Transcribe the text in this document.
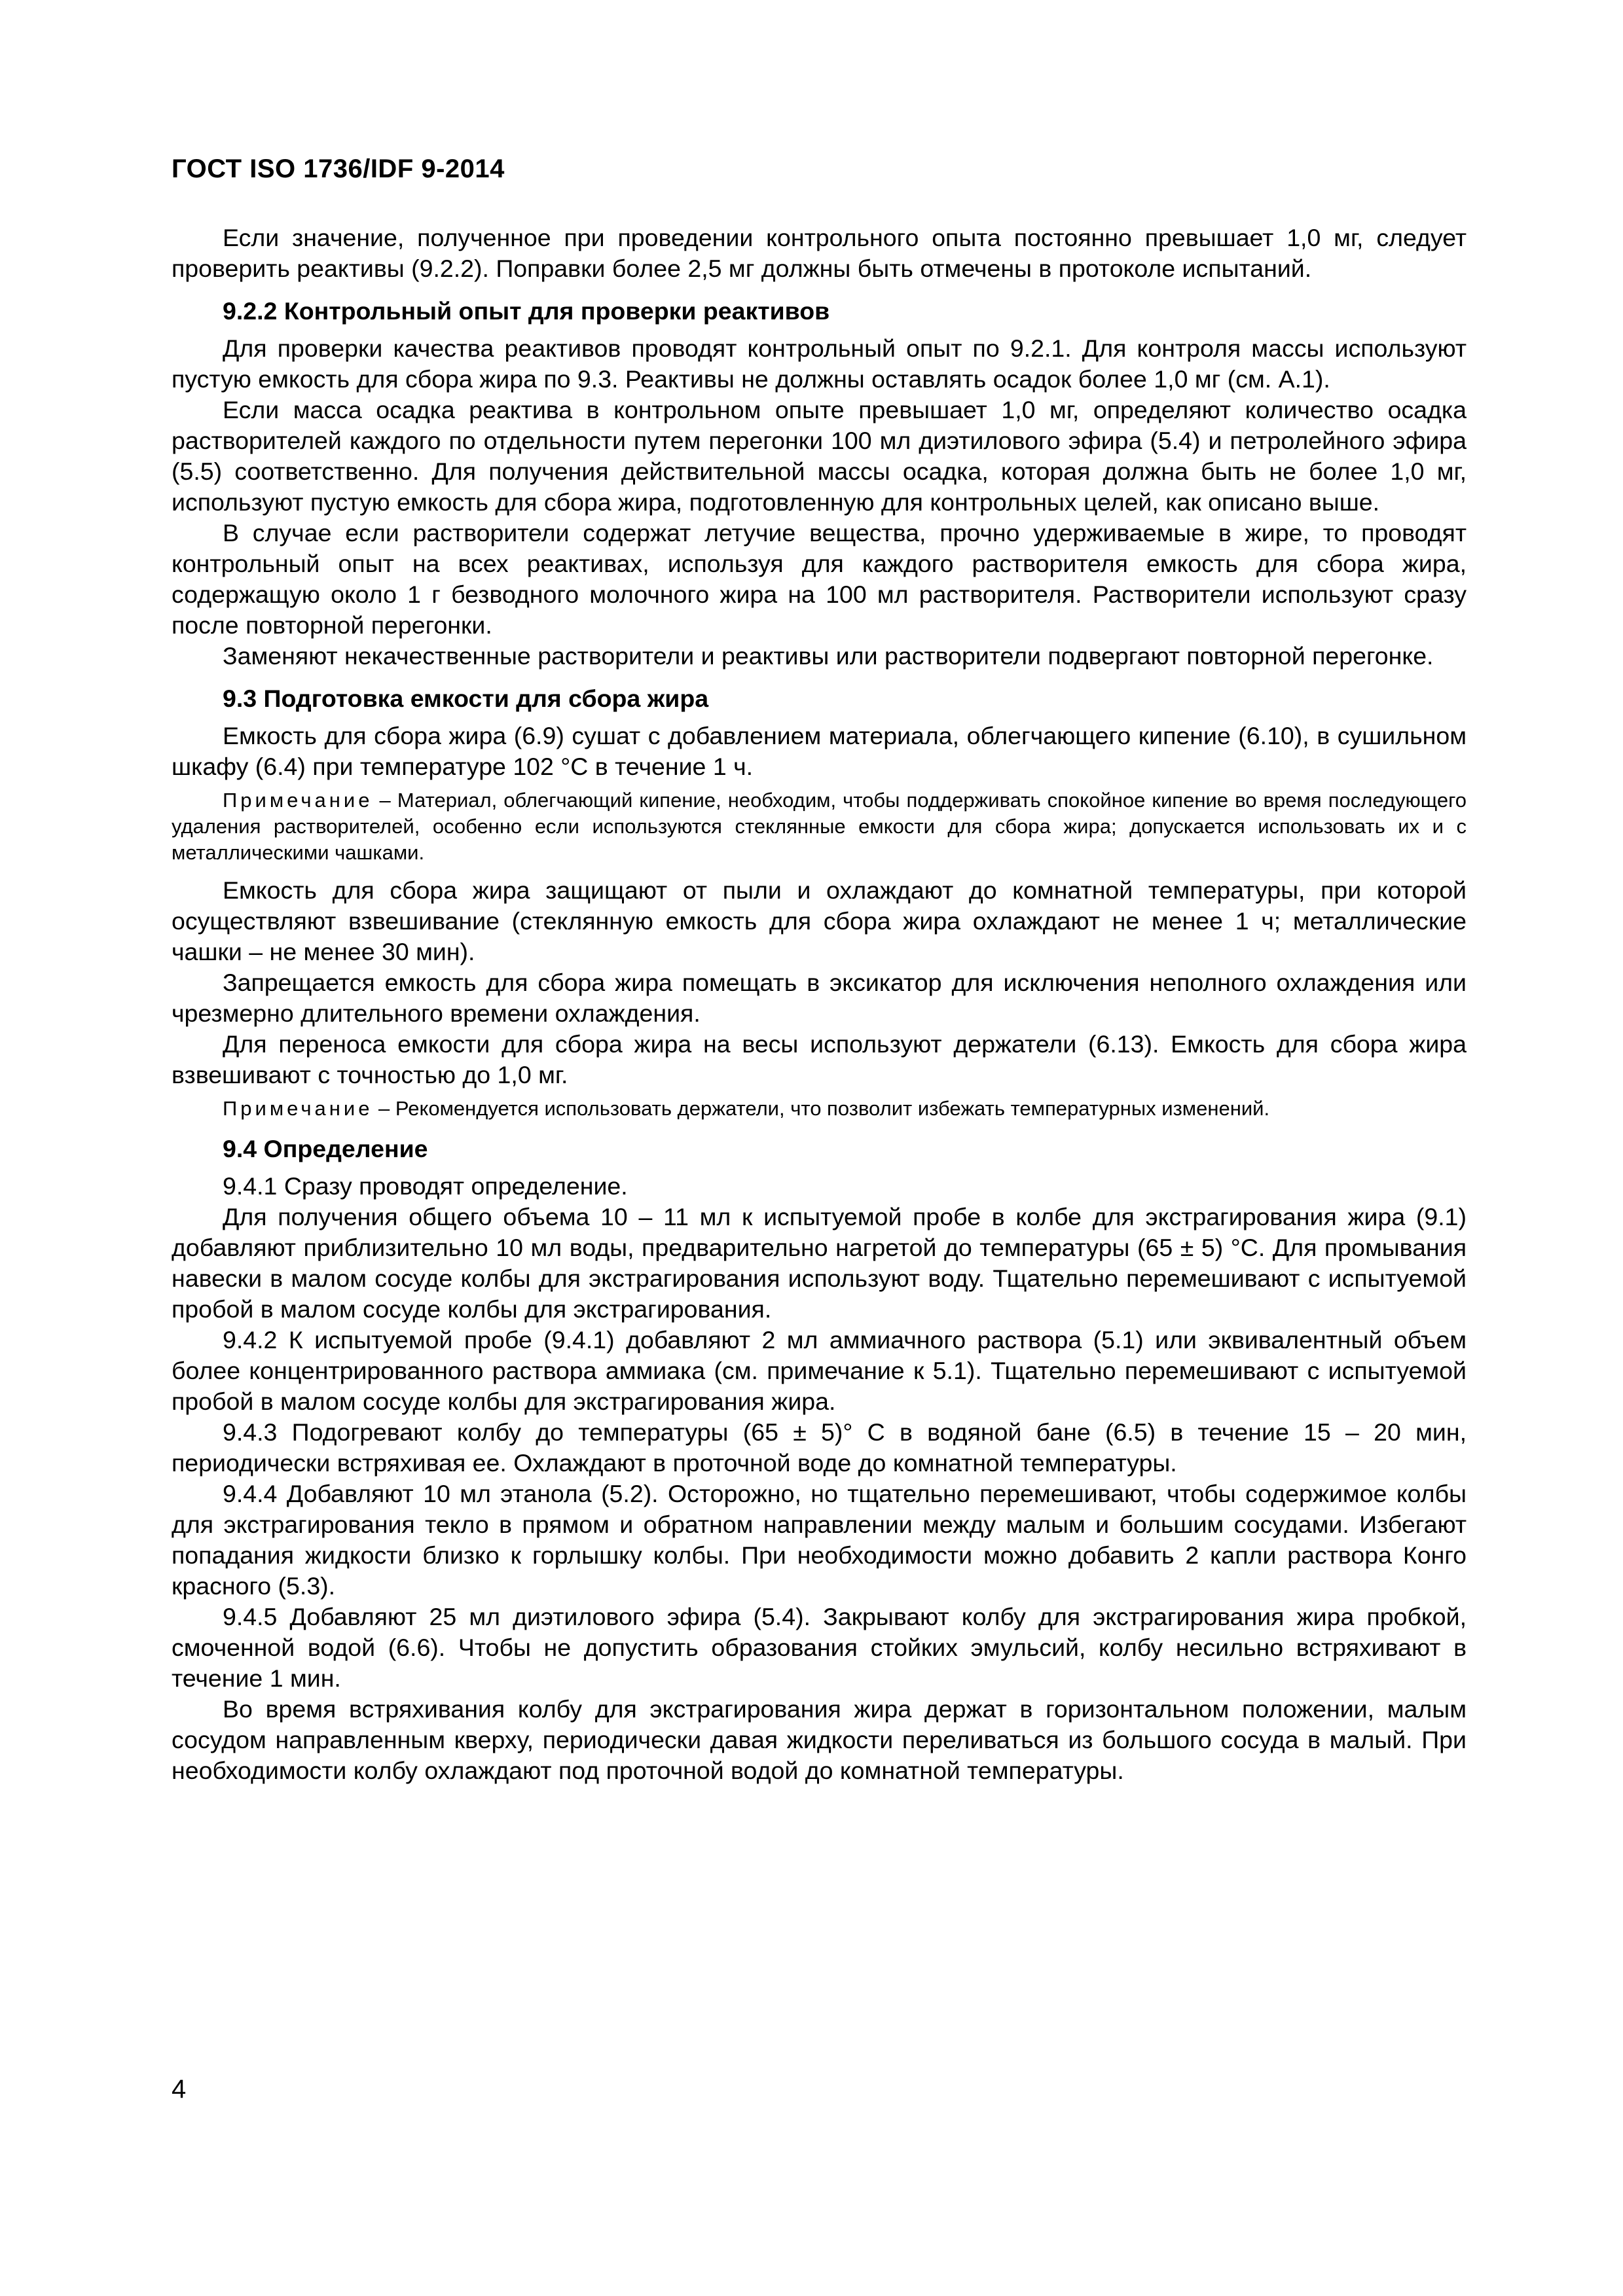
ГОСТ ISO 1736/IDF 9-2014

Если значение, полученное при проведении контрольного опыта постоянно превышает 1,0 мг, следует проверить реактивы (9.2.2). Поправки более 2,5 мг должны быть отмечены в протоколе испытаний.

9.2.2 Контрольный опыт для проверки реактивов

Для проверки качества реактивов проводят контрольный опыт по 9.2.1. Для контроля массы используют пустую емкость для сбора жира по 9.3. Реактивы не должны оставлять осадок более 1,0 мг (см. А.1).

Если масса осадка реактива в контрольном опыте превышает 1,0 мг, определяют количество осадка растворителей каждого по отдельности путем перегонки 100 мл диэтилового эфира (5.4) и петролейного эфира (5.5) соответственно. Для получения действительной массы осадка, которая должна быть не более 1,0 мг, используют пустую емкость для сбора жира, подготовленную для контрольных целей, как описано выше.

В случае если растворители содержат летучие вещества, прочно удерживаемые в жире, то проводят контрольный опыт на всех реактивах, используя для каждого растворителя емкость для сбора жира, содержащую около 1 г безводного молочного жира на 100 мл растворителя. Растворители используют сразу после повторной перегонки.

Заменяют некачественные растворители и реактивы или растворители подвергают повторной перегонке.

9.3 Подготовка емкости для сбора жира

Емкость для сбора жира (6.9) сушат с добавлением материала, облегчающего кипение (6.10), в сушильном шкафу (6.4) при температуре 102 °С в течение 1 ч.

Примечание – Материал, облегчающий кипение, необходим, чтобы поддерживать спокойное кипение во время последующего удаления растворителей, особенно если используются стеклянные емкости для сбора жира; допускается использовать их и с металлическими чашками.

Емкость для сбора жира защищают от пыли и охлаждают до комнатной температуры, при которой осуществляют взвешивание (стеклянную емкость для сбора жира охлаждают не менее 1 ч; металлические чашки – не менее 30 мин).

Запрещается емкость для сбора жира помещать в эксикатор для исключения неполного охлаждения или чрезмерно длительного времени охлаждения.

Для переноса емкости для сбора жира на весы используют держатели (6.13). Емкость для сбора жира взвешивают с точностью до 1,0 мг.

Примечание – Рекомендуется использовать держатели, что позволит избежать температурных изменений.

9.4 Определение

9.4.1 Сразу проводят определение.

Для получения общего объема 10 – 11 мл к испытуемой пробе в колбе для экстрагирования жира (9.1) добавляют приблизительно 10 мл воды, предварительно нагретой до температуры (65 ± 5) °С. Для промывания навески в малом сосуде колбы для экстрагирования используют воду. Тщательно перемешивают с испытуемой пробой в малом сосуде колбы для экстрагирования.

9.4.2 К испытуемой пробе (9.4.1) добавляют 2 мл аммиачного раствора (5.1) или эквивалентный объем более концентрированного раствора аммиака (см. примечание к 5.1). Тщательно перемешивают с испытуемой пробой в малом сосуде колбы для экстрагирования жира.

9.4.3 Подогревают колбу до температуры (65 ± 5)° С в водяной бане (6.5) в течение 15 – 20 мин, периодически встряхивая ее. Охлаждают в проточной воде до комнатной температуры.

9.4.4 Добавляют 10 мл этанола (5.2). Осторожно, но тщательно перемешивают, чтобы содержимое колбы для экстрагирования текло в прямом и обратном направлении между малым и большим сосудами. Избегают попадания жидкости близко к горлышку колбы. При необходимости можно добавить 2 капли раствора Конго красного (5.3).

9.4.5 Добавляют 25 мл диэтилового эфира (5.4). Закрывают колбу для экстрагирования жира пробкой, смоченной водой (6.6). Чтобы не допустить образования стойких эмульсий, колбу несильно встряхивают в течение 1 мин.

Во время встряхивания колбу для экстрагирования жира держат в горизонтальном положении, малым сосудом направленным кверху, периодически давая жидкости переливаться из большого сосуда в малый. При необходимости колбу охлаждают под проточной водой до комнатной температуры.

4
